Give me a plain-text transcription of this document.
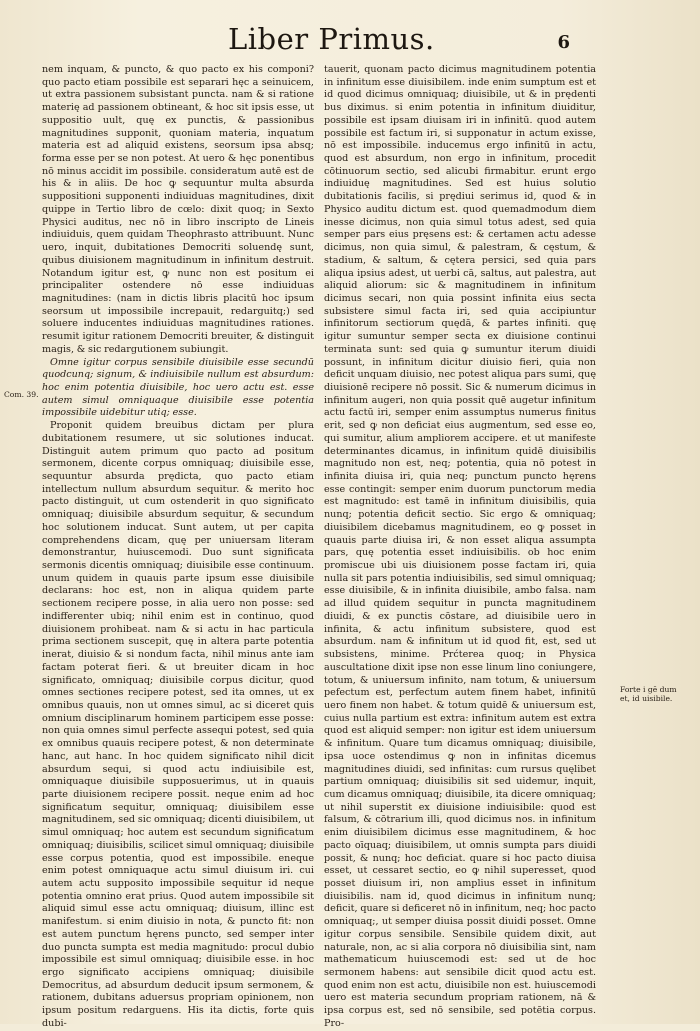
Liber Primus.	6

nem inquam, & puncto, & quo pacto ex his componi? quo pacto etiam possibile est separari hęc a seinuicem, ut extra passionem subsistant puncta. nam & si ratione materię ad passionem obtineant, & hoc sit ipsis esse, ut suppositio uult, quę ex punctis, & passionibus magnitudines supponit, quoniam materia, inquatum materia est ad aliquid existens, seorsum ipsa absq; forma esse per se non potest. At uero & hęc ponentibus nō minus accidit im possibile. consideratum autē est de his & in aliis. De hoc ꝙ sequuntur multa absurda suppositioni supponenti indiuiduas magnitudines, dixit quippe in Tertio libro de cœlo: dixit quoq; in Sexto Physici auditus, nec nō in libro inscripto de Lineis indiuiduis, quem quidam Theophrasto attribuunt. Nunc uero, inquit, dubitationes Democriti soluendę sunt, quibus diuisionem magnitudinum in infinitum destruit. Notandum igitur est, ꝙ nunc non est positum ei principaliter ostendere nō esse indiuiduas magnitudines: (nam in dictis libris placitū hoc ipsum seorsum ut impossibile increpauit, redarguitq;) sed soluere inducentes indiuiduas magnitudines rationes. resumit igitur rationem Democriti breuiter, & distinguit magis, & sic redargutionem subiungit.

Omne igitur corpus sensibile diuisibile esse secundū quodcunq; signum, & indiuisibile nullum est absurdum: hoc enim potentia diuisibile, hoc uero actu est. esse autem simul omniquaque diuisibile esse potentia impossibile uidebitur utiq; esse.

Proponit quidem breuibus dictam per plura dubitationem resumere, ut sic solutiones inducat. Distinguit autem primum quo pacto ad positum sermonem, dicente corpus omniquaq; diuisibile esse, sequuntur absurda prędicta, quo pacto etiam intellectum nullum absurdum sequitur. & merito hoc pacto distinguit, ut cum ostenderit in quo significato omniquaq; diuisibile absurdum sequitur, & secundum hoc solutionem inducat. Sunt autem, ut per capita comprehendens dicam, quę per uniuersam literam demonstrantur, huiuscemodi. Duo sunt significata sermonis dicentis omniquaq; diuisibile esse continuum. unum quidem in quauis parte ipsum esse diuisibile declarans: hoc est, non in aliqua quidem parte sectionem recipere posse, in alia uero non posse: sed indifferenter ubiq; nihil enim est in continuo, quod diuisionem prohibeat. nam & si actu in hac particula prima sectionem suscepit, quę in altera parte potentia inerat, diuisio & si nondum facta, nihil minus ante iam factam poterat fieri. & ut breuiter dicam in hoc significato, omniquaq; diuisibile corpus dicitur, quod omnes sectiones recipere potest, sed ita omnes, ut ex omnibus quauis, non ut omnes simul, ac si diceret quis omnium disciplinarum hominem participem esse posse: non quia omnes simul perfecte assequi potest, sed quia ex omnibus quauis recipere potest, & non determinate hanc, aut hanc. In hoc quidem significato nihil dicit absurdum sequi, si quod actu indiuisibile est, omniquaque diuisibile supposuerimus, ut in quauis parte diuisionem recipere possit. neque enim ad hoc significatum sequitur, omniquaq; diuisibilem esse magnitudinem, sed sic omniquaq; dicenti diuisibilem, ut simul omniquaq; hoc autem est secundum significatum omniquaq; diuisibilis, scilicet simul omniquaq; diuisibile esse corpus potentia, quod est impossibile. eneque enim potest omniquaque actu simul diuisum iri. cui autem actu supposito impossibile sequitur id neque potentia omnino erat prius. Quod autem impossibile sit aliquid simul esse actu omniquaq; diuisum, illinc est manifestum. si enim diuisio in nota, & puncto fit: non est autem punctum hęrens puncto, sed semper inter duo puncta sumpta est media magnitudo: procul dubio impossibile est simul omniquaq; diuisibile esse. in hoc ergo significato accipiens omniquaq; diuisibile Democritus, ad absurdum deducit ipsum sermonem, & rationem, dubitans aduersus propriam opinionem, non ipsum positum redarguens. His ita dictis, forte quis dubi-

tauerit, quonam pacto dicimus magnitudinem potentia in infinitum esse diuisibilem. inde enim sumptum est et id quod dicimus omniquaq; diuisibile, ut & in prędenti bus diximus. si enim potentia in infinitum diuiditur, possibile est ipsam diuisam iri in infinitū. quod autem possibile est factum iri, si supponatur in actum exisse, nō est impossibile. inducemus ergo infinitū in actu, quod est absurdum, non ergo in infinitum, procedit cōtinuorum sectio, sed alicubi firmabitur. erunt ergo indiuiduę magnitudines. Sed est huius solutio dubitationis facilis, si prędiui serimus id, quod & in Physico auditu dictum est. quod quemadmodum diem inesse dicimus, non quia simul totus adest, sed quia semper pars eius pręsens est: & certamen actu adesse dicimus, non quia simul, & palestram, & cęstum, & stadium, & saltum, & cętera persici, sed quia pars aliqua ipsius adest, ut uerbi cā, saltus, aut palestra, aut aliquid aliorum: sic & magnitudinem in infinitum dicimus secari, non quia possint infinita eius secta subsistere simul facta iri, sed quia accipiuntur infinitorum sectiorum quędā, & partes infiniti. quę igitur sumuntur semper secta ex diuisione continui terminata sunt: sed quia ꝙ sumuntur iterum diuidi possunt, in infinitum dicitur diuisio fieri, quia non deficit unquam diuisio, nec potest aliqua pars sumi, quę diuisionē recipere nō possit. Sic & numerum dicimus in infinitum augeri, non quia possit quē augetur infinitum actu factū iri, semper enim assumptus numerus finitus erit, sed ꝙ non deficiat eius augmentum, sed esse eo, qui sumitur, alium ampliorem accipere. et ut manifeste determinantes dicamus, in infinitum quidē diuisibilis magnitudo non est, neq; potentia, quia nō potest in infinita diuisa iri, quia neq; punctum puncto hęrens esse contingit: semper enim duorum punctorum media est magnitudo: est tamē in infinitum diuisibilis, quia nunq; potentia deficit sectio. Sic ergo & omniquaq; diuisibilem dicebamus magnitudinem, eo ꝙ posset in quauis parte diuisa iri, & non esset aliqua assumpta pars, quę potentia esset indiuisibilis. ob hoc enim promiscue ubi uis diuisionem posse factam iri, quia nulla sit pars potentia indiuisibilis, sed simul omniquaq; esse diuisibile, & in infinita diuisibile, ambo falsa. nam ad illud quidem sequitur in puncta magnitudinem diuidi, & ex punctis cōstare, ad diuisibile uero in infinita, & actu infinitum subsistere, quod est absurdum. nam & infinitum ut id quod fit, est, sed ut subsistens, minime. Prćterea quoq; in Physica auscultatione dixit ipse non esse linum lino coniungere, totum, & uniuersum infinito, nam totum, & uniuersum pefectum est, perfectum autem finem habet, infinitū uero finem non habet. & totum quidē & uniuersum est, cuius nulla partium est extra: infinitum autem est extra quod est aliquid semper: non igitur est idem uniuersum & infinitum. Quare tum dicamus omniquaq; diuisibile, ipsa uoce ostendimus ꝙ non in infinitas dicemus magnitudines diuidi, sed infinitas: cum rursus quęlibet partium omniquaq; diuisibilis sit sed uidemur, inquit, cum dicamus omniquaq; diuisibile, ita dicere omniquaq; ut nihil superstit ex diuisione indiuisibile: quod est falsum, & cōtrarium illi, quod dicimus nos. in infinitum enim diuisibilem dicimus esse magnitudinem, & hoc pacto oīquaq; diuisibilem, ut omnis sumpta pars diuidi possit, & nunq; hoc deficiat. quare si hoc pacto diuisa esset, ut cessaret sectio, eo ꝙ nihil superesset, quod posset diuisum iri, non amplius esset in infinitum diuisibilis. nam id, quod dicimus in infinitum nunq; deficit, quare si deficeret nō in infinitum, neq; hoc pacto omniquaq;, ut semper diuisa possit diuidi posset. Omne igitur corpus sensibile. Sensibile quidem dixit, aut naturale, non, ac si alia corpora nō diuisibilia sint, nam mathematicum huiuscemodi est: sed ut de hoc sermonem habens: aut sensibile dicit quod actu est. quod enim non est actu, diuisibile non est. huiuscemodi uero est materia secundum propriam rationem, nā & ipsa corpus est, sed nō sensibile, sed potētia corpus. Pro-

Com. 39.
Forte i gē dum et, id uisibile.
